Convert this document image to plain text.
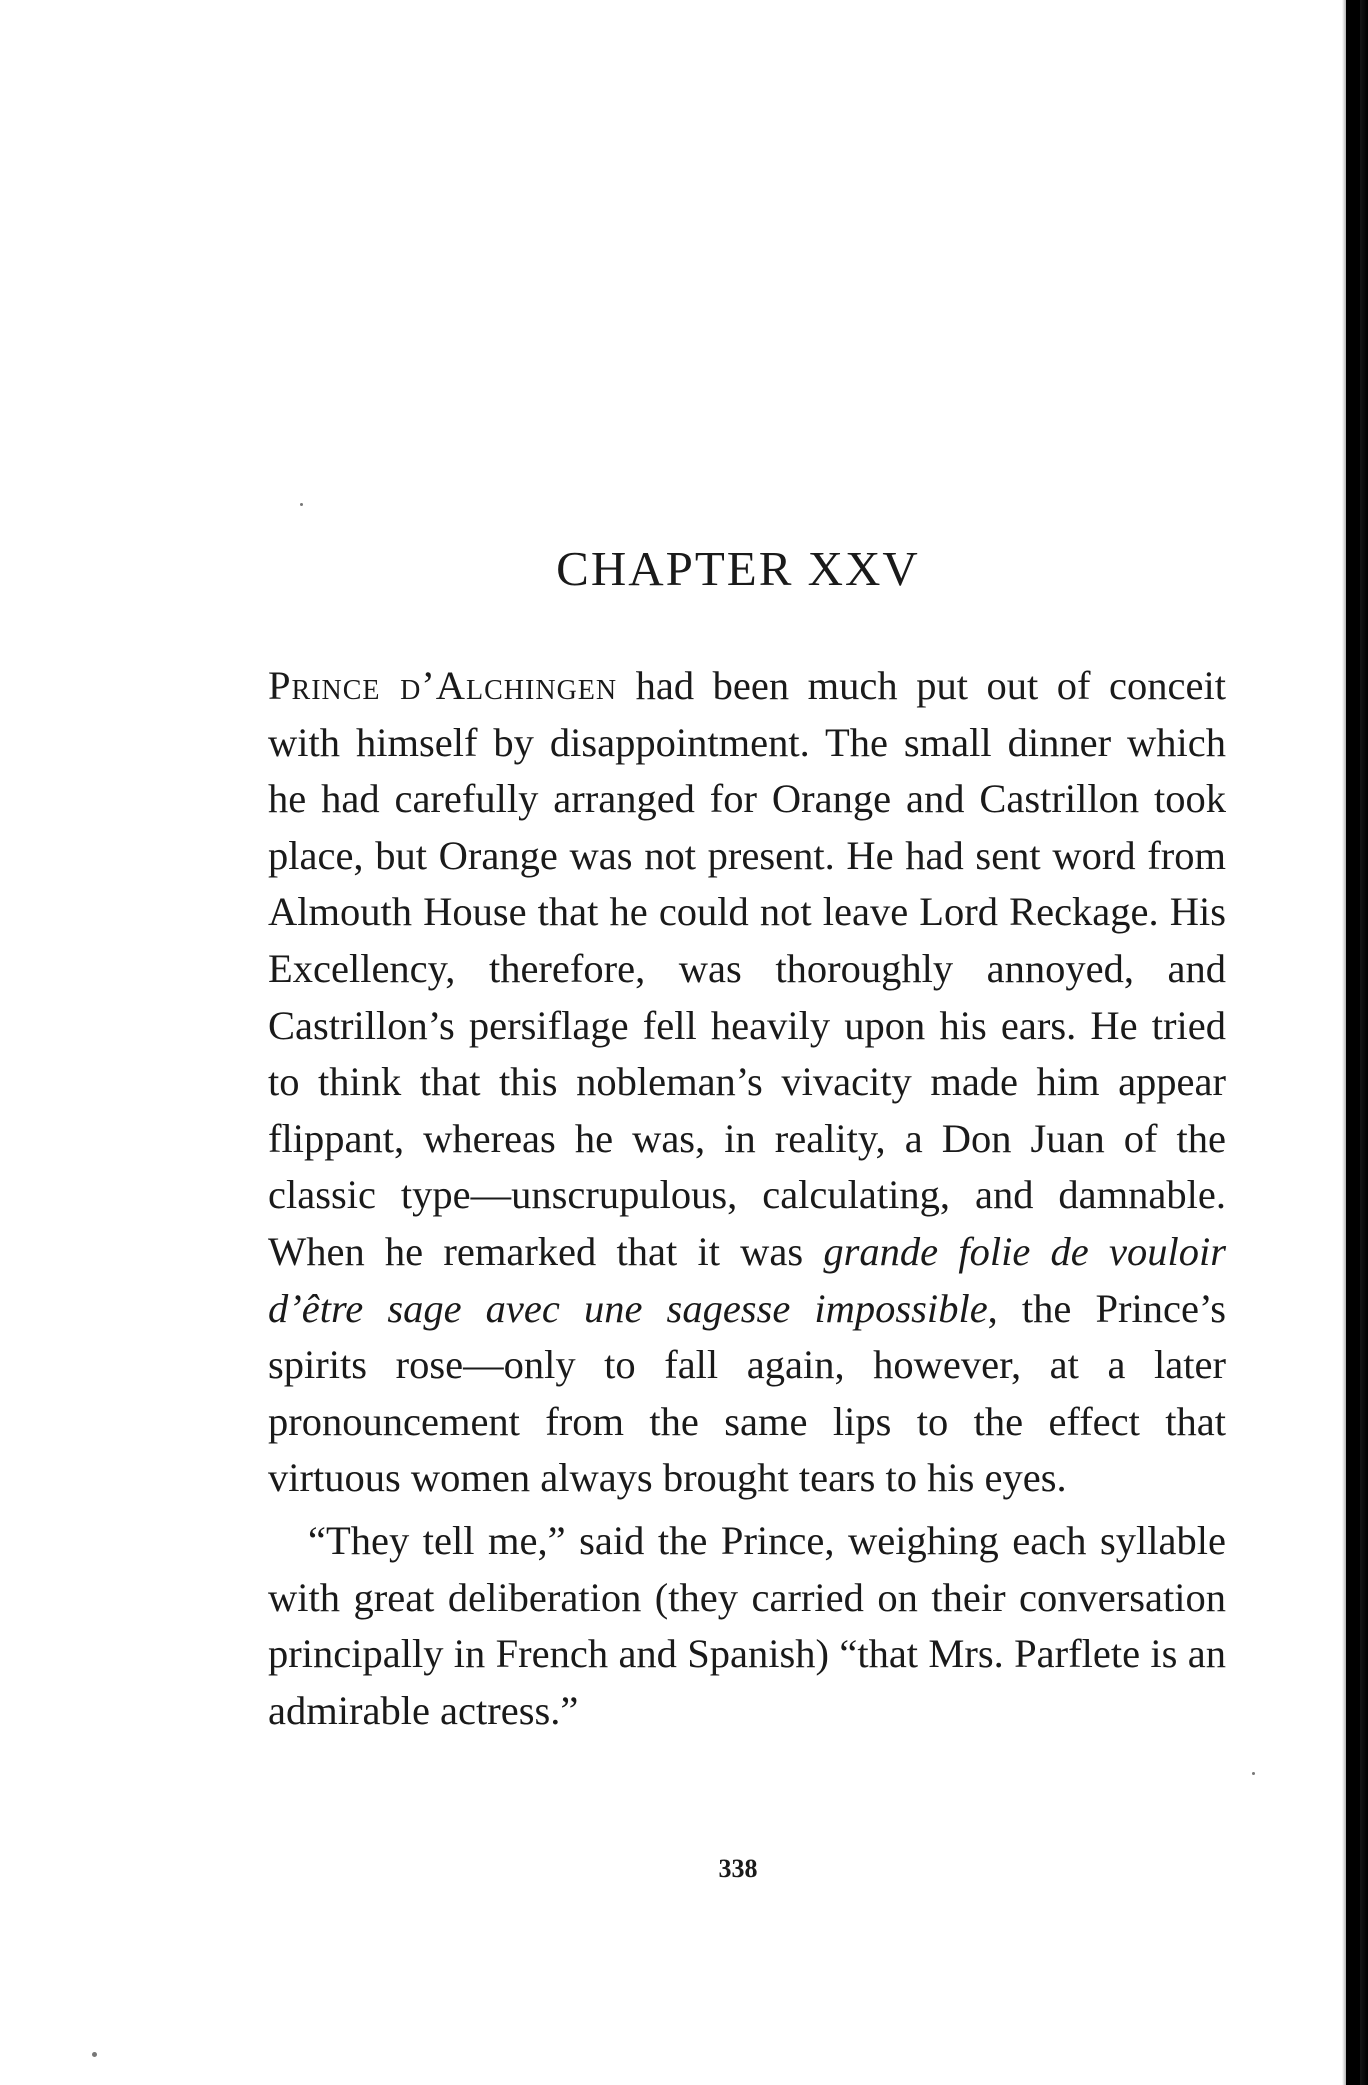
CHAPTER XXV

Prince d’Alchingen had been much put out of conceit with himself by disappointment. The small dinner which he had carefully arranged for Orange and Castrillon took place, but Orange was not present. He had sent word from Almouth House that he could not leave Lord Reckage. His Excellency, therefore, was thoroughly annoyed, and Castrillon’s persiflage fell heavily upon his ears. He tried to think that this nobleman’s vivacity made him appear flippant, whereas he was, in reality, a Don Juan of the classic type—unscrupulous, calculating, and damnable. When he remarked that it was grande folie de vouloir d’être sage avec une sagesse impossible, the Prince’s spirits rose—only to fall again, however, at a later pronouncement from the same lips to the effect that virtuous women always brought tears to his eyes.

“They tell me,” said the Prince, weighing each syllable with great deliberation (they carried on their conversation principally in French and Spanish) “that Mrs. Parflete is an admirable actress.”

338
